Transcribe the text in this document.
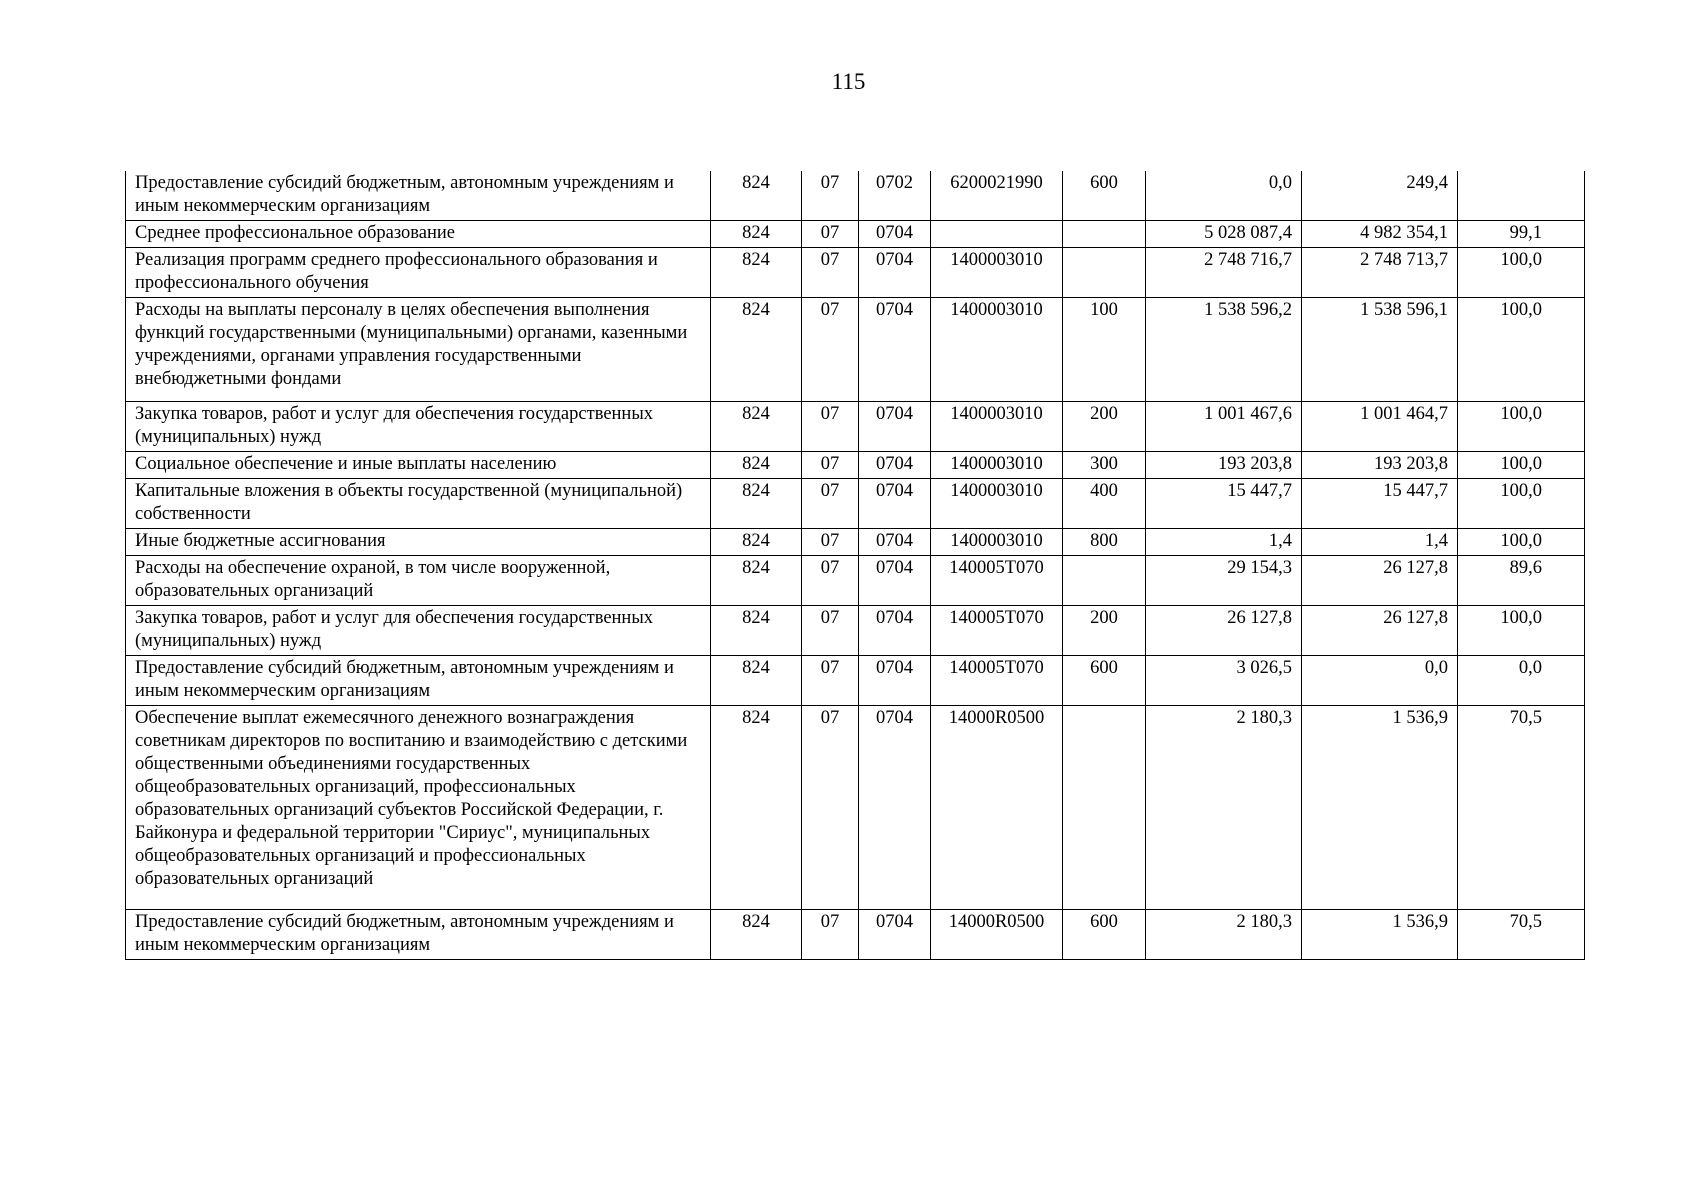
115
Предоставление субсидий бюджетным, автономным учреждениям и иным некоммерческим организациям	824	07	0702	6200021990	600	0,0	249,4	
Среднее профессиональное образование	824	07	0704			5 028 087,4	4 982 354,1	99,1
Реализация программ среднего профессионального образования и профессионального обучения	824	07	0704	1400003010		2 748 716,7	2 748 713,7	100,0
Расходы на выплаты персоналу в целях обеспечения выполнения функций государственными (муниципальными) органами, казенными учреждениями, органами управления государственными внебюджетными фондами	824	07	0704	1400003010	100	1 538 596,2	1 538 596,1	100,0
Закупка товаров, работ и услуг для обеспечения государственных (муниципальных) нужд	824	07	0704	1400003010	200	1 001 467,6	1 001 464,7	100,0
Социальное обеспечение и иные выплаты населению	824	07	0704	1400003010	300	193 203,8	193 203,8	100,0
Капитальные вложения в объекты государственной (муниципальной) собственности	824	07	0704	1400003010	400	15 447,7	15 447,7	100,0
Иные бюджетные ассигнования	824	07	0704	1400003010	800	1,4	1,4	100,0
Расходы на обеспечение охраной, в том числе вооруженной, образовательных организаций	824	07	0704	140005T070		29 154,3	26 127,8	89,6
Закупка товаров, работ и услуг для обеспечения государственных (муниципальных) нужд	824	07	0704	140005T070	200	26 127,8	26 127,8	100,0
Предоставление субсидий бюджетным, автономным учреждениям и иным некоммерческим организациям	824	07	0704	140005T070	600	3 026,5	0,0	0,0
Обеспечение выплат ежемесячного денежного вознаграждения советникам директоров по воспитанию и взаимодействию с детскими общественными объединениями государственных общеобразовательных организаций, профессиональных образовательных организаций субъектов Российской Федерации, г. Байконура и федеральной территории "Сириус", муниципальных общеобразовательных организаций и профессиональных образовательных организаций	824	07	0704	14000R0500		2 180,3	1 536,9	70,5
Предоставление субсидий бюджетным, автономным учреждениям и иным некоммерческим организациям	824	07	0704	14000R0500	600	2 180,3	1 536,9	70,5
